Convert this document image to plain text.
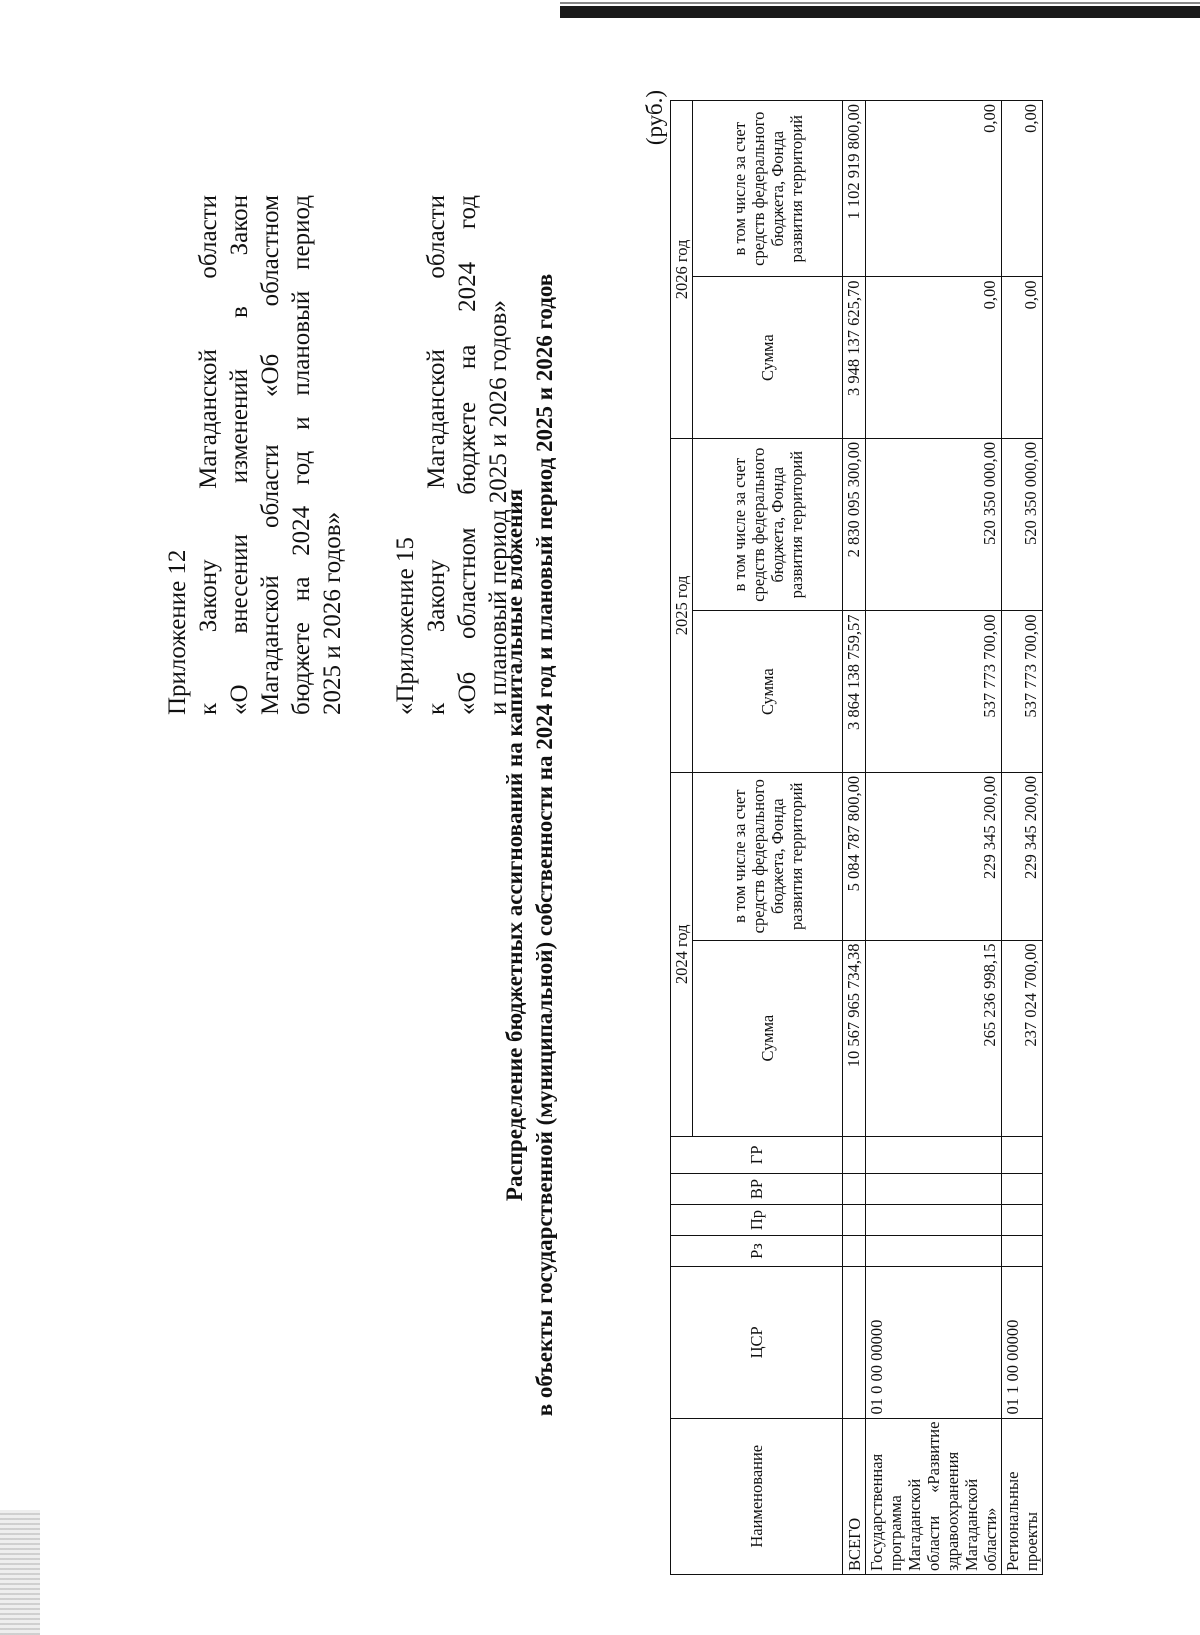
Приложение 12 к
Закону
Магаданской
области
«О
внесении
изменений
в
Закон
Магаданской
области
«Об
областном
бюджете
на
2024
год
и
плановый
период
2025 и 2026 годов» «Приложение 15 к
Закону
Магаданской
области
«Об
областном
бюджете
на
2024
год
и плановый период 2025 и 2026 годов»
Распределение бюджетных ассигнований на капитальные вложения в объекты государственной (муниципальной) собственности на 2024 год и плановый период 2025 и 2026 годов
(руб.)
Наименование	ЦСР	Рз	Пр	ВР	ГР	2024 год		2025 год		2026 год	
						Сумма	в том числе за счет средств федерального бюджета, Фонда развития территорий	Сумма	в том числе за счет средств федерального бюджета, Фонда развития территорий	Сумма	в том числе за счет средств федерального бюджета, Фонда развития территорий
ВСЕГО						10 567 965 734,38	5 084 787 800,00	3 864 138 759,57	2 830 095 300,00	3 948 137 625,70	1 102 919 800,00
Государственная программа Магаданской области «Развитие здравоохранения Магаданской области»	01 0 00 00000					265 236 998,15	229 345 200,00	537 773 700,00	520 350 000,00	0,00	0,00
Региональные проекты	01 1 00 00000					237 024 700,00	229 345 200,00	537 773 700,00	520 350 000,00	0,00	0,00
